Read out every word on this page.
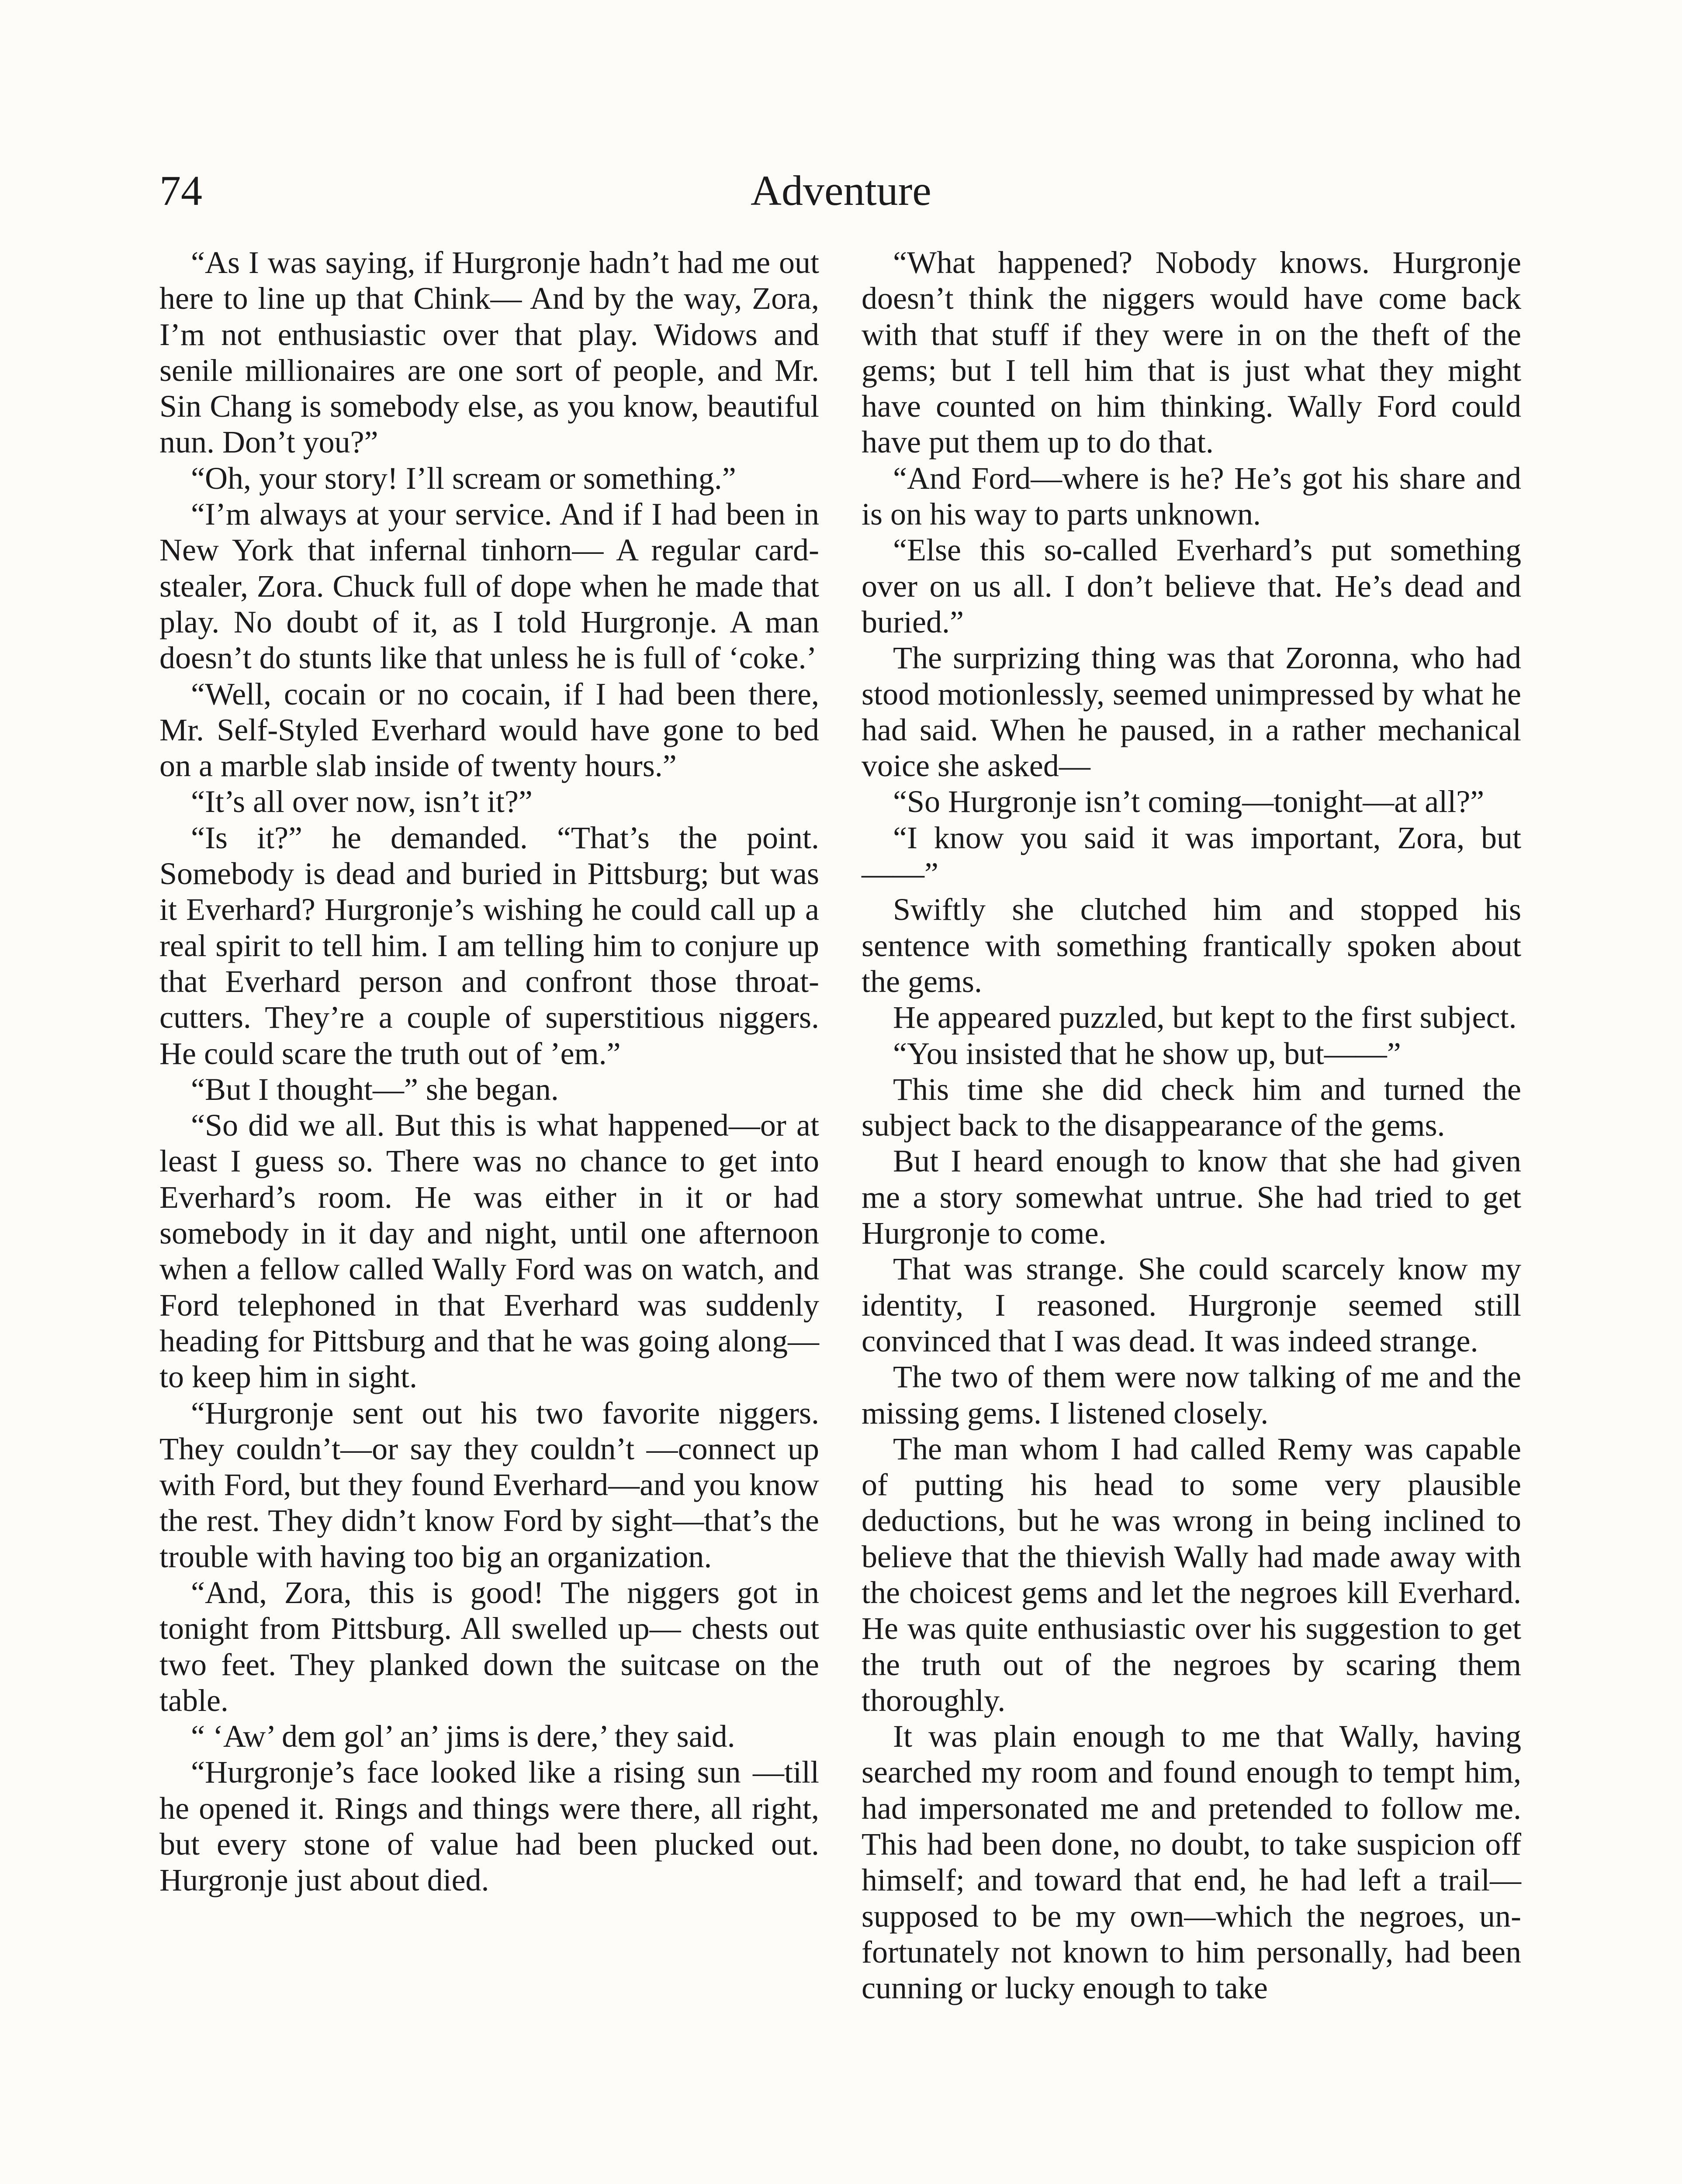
74	Adventure

“As I was saying, if Hurgronje hadn’t had me out here to line up that Chink— And by the way, Zora, I’m not enthusiastic over that play. Widows and senile millionaires are one sort of people, and Mr. Sin Chang is somebody else, as you know, beautiful nun. Don’t you?”

“Oh, your story! I’ll scream or something.”

“I’m always at your service. And if I had been in New York that infernal tinhorn— A regular card-stealer, Zora. Chuck full of dope when he made that play. No doubt of it, as I told Hurgronje. A man doesn’t do stunts like that unless he is full of ‘coke.’

“Well, cocain or no cocain, if I had been there, Mr. Self-Styled Everhard would have gone to bed on a marble slab inside of twenty hours.”

“It’s all over now, isn’t it?”

“Is it?” he demanded. “That’s the point. Somebody is dead and buried in Pittsburg; but was it Everhard? Hurgronje’s wishing he could call up a real spirit to tell him. I am telling him to conjure up that Everhard person and confront those throat-cutters. They’re a couple of superstitious niggers. He could scare the truth out of ’em.”

“But I thought—” she began.

“So did we all. But this is what happened—or at least I guess so. There was no chance to get into Everhard’s room. He was either in it or had somebody in it day and night, until one afternoon when a fellow called Wally Ford was on watch, and Ford telephoned in that Everhard was suddenly heading for Pittsburg and that he was going along—to keep him in sight.

“Hurgronje sent out his two favorite niggers. They couldn’t—or say they couldn’t —connect up with Ford, but they found Everhard—and you know the rest. They didn’t know Ford by sight—that’s the trouble with having too big an organization.

“And, Zora, this is good! The niggers got in tonight from Pittsburg. All swelled up— chests out two feet. They planked down the suitcase on the table.

“ ‘Aw’ dem gol’ an’ jims is dere,’ they said.

“Hurgronje’s face looked like a rising sun —till he opened it. Rings and things were there, all right, but every stone of value had been plucked out. Hurgronje just about died.

“What happened? Nobody knows. Hurgronje doesn’t think the niggers would have come back with that stuff if they were in on the theft of the gems; but I tell him that is just what they might have counted on him thinking. Wally Ford could have put them up to do that.

“And Ford—where is he? He’s got his share and is on his way to parts unknown.

“Else this so-called Everhard’s put something over on us all. I don’t believe that. He’s dead and buried.”

The surprizing thing was that Zoronna, who had stood motionlessly, seemed unimpressed by what he had said. When he paused, in a rather mechanical voice she asked—

“So Hurgronje isn’t coming—tonight—at all?”

“I know you said it was important, Zora, but——”

Swiftly she clutched him and stopped his sentence with something frantically spoken about the gems.

He appeared puzzled, but kept to the first subject.

“You insisted that he show up, but——”

This time she did check him and turned the subject back to the disappearance of the gems.

But I heard enough to know that she had given me a story somewhat untrue. She had tried to get Hurgronje to come.

That was strange. She could scarcely know my identity, I reasoned. Hurgronje seemed still convinced that I was dead. It was indeed strange.

The two of them were now talking of me and the missing gems. I listened closely.

The man whom I had called Remy was capable of putting his head to some very plausible deductions, but he was wrong in being inclined to believe that the thievish Wally had made away with the choicest gems and let the negroes kill Everhard. He was quite enthusiastic over his suggestion to get the truth out of the negroes by scaring them thoroughly.

It was plain enough to me that Wally, having searched my room and found enough to tempt him, had impersonated me and pretended to follow me. This had been done, no doubt, to take suspicion off himself; and toward that end, he had left a trail—supposed to be my own—which the negroes, unfortunately not known to him personally, had been cunning or lucky enough to take
